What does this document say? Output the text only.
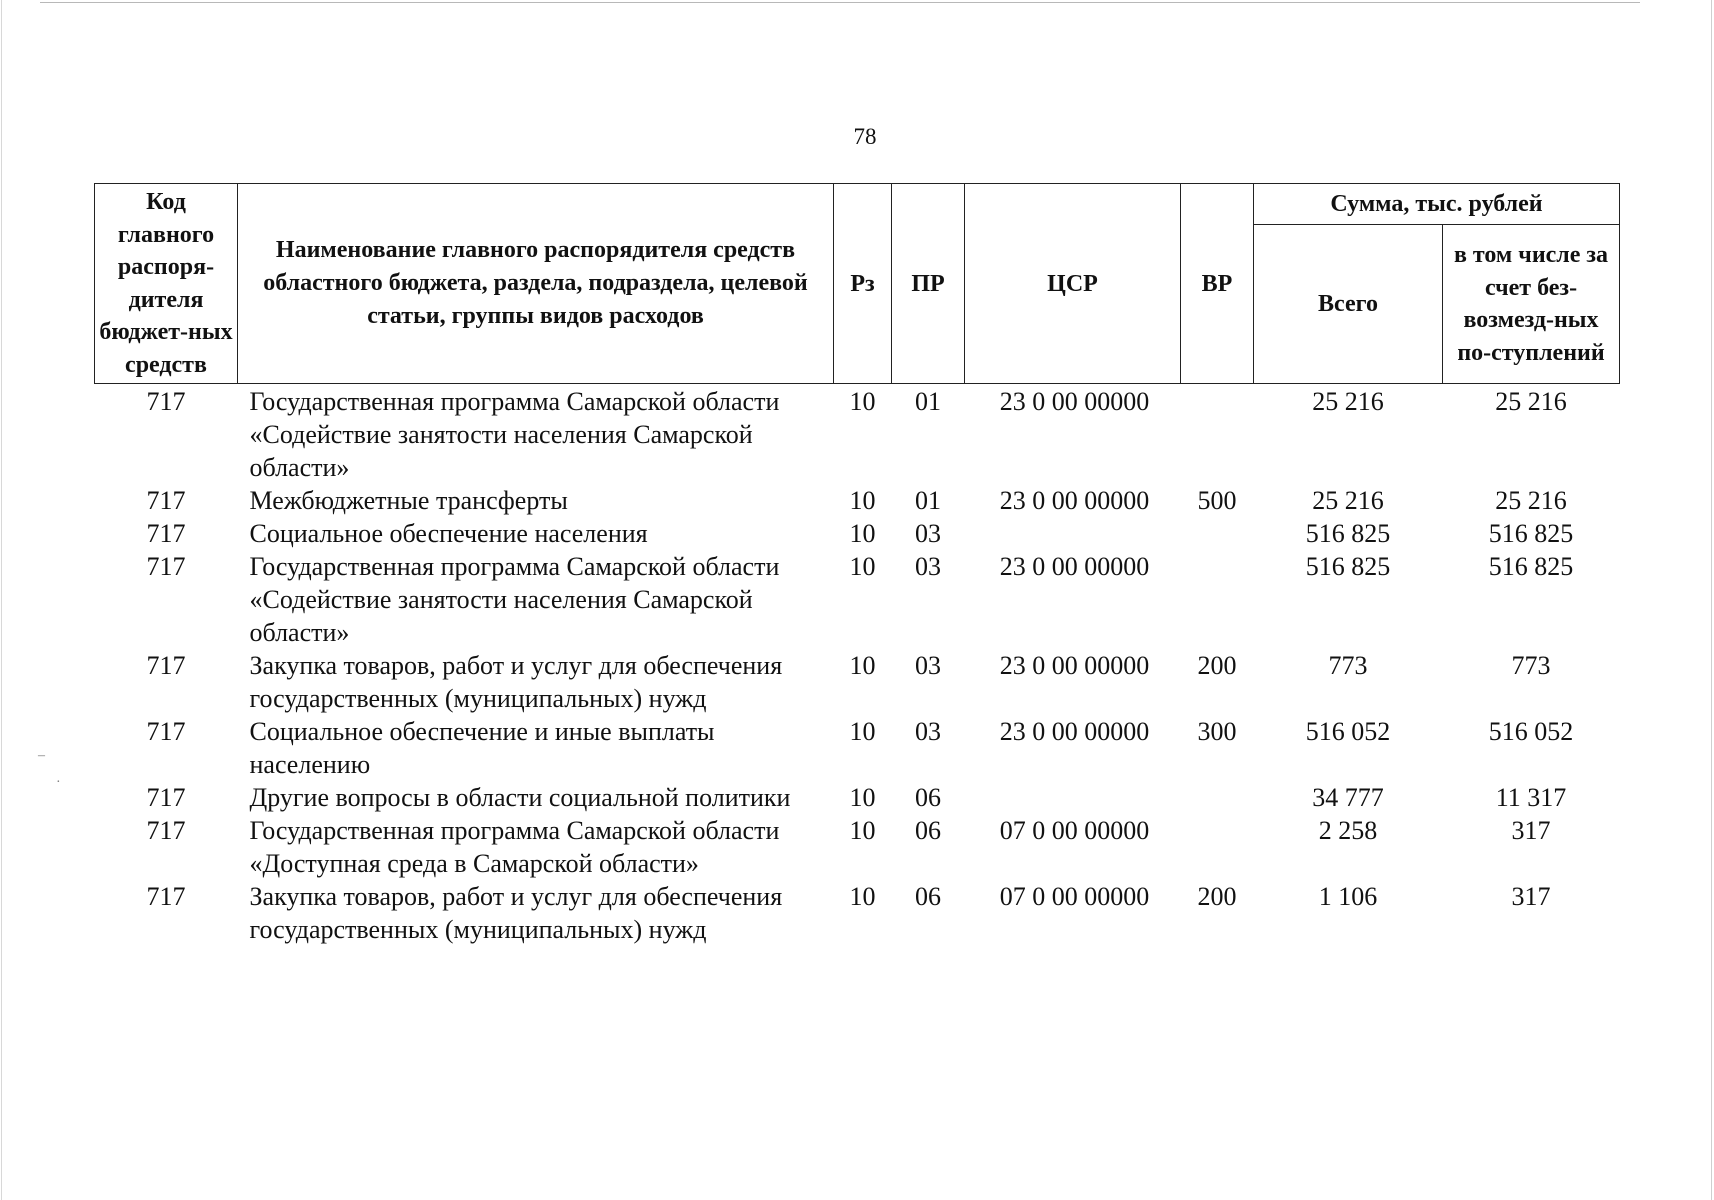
–
·
78
Код главного распоря-дителя бюджет-ных средств	Наименование главного распорядителя средств областного бюджета, раздела, подраздела, целевой статьи, группы видов расходов	Рз	ПР	ЦСР	ВР	Сумма, тыс. рублей	
						Всего	в том числе за счет без-возмезд-ных по-ступлений
717	Государственная программа Самарской области «Содействие занятости населения Самарской области»	10	01	23 0 00 00000		25 216	25 216
717	Межбюджетные трансферты	10	01	23 0 00 00000	500	25 216	25 216
717	Социальное обеспечение населения	10	03			516 825	516 825
717	Государственная программа Самарской области «Содействие занятости населения Самарской области»	10	03	23 0 00 00000		516 825	516 825
717	Закупка товаров, работ и услуг для обеспечения государственных (муниципальных) нужд	10	03	23 0 00 00000	200	773	773
717	Социальное обеспечение и иные выплаты населению	10	03	23 0 00 00000	300	516 052	516 052
717	Другие вопросы в области социальной политики	10	06			34 777	11 317
717	Государственная программа Самарской области «Доступная среда в Самарской области»	10	06	07 0 00 00000		2 258	317
717	Закупка товаров, работ и услуг для обеспечения государственных (муниципальных) нужд	10	06	07 0 00 00000	200	1 106	317
